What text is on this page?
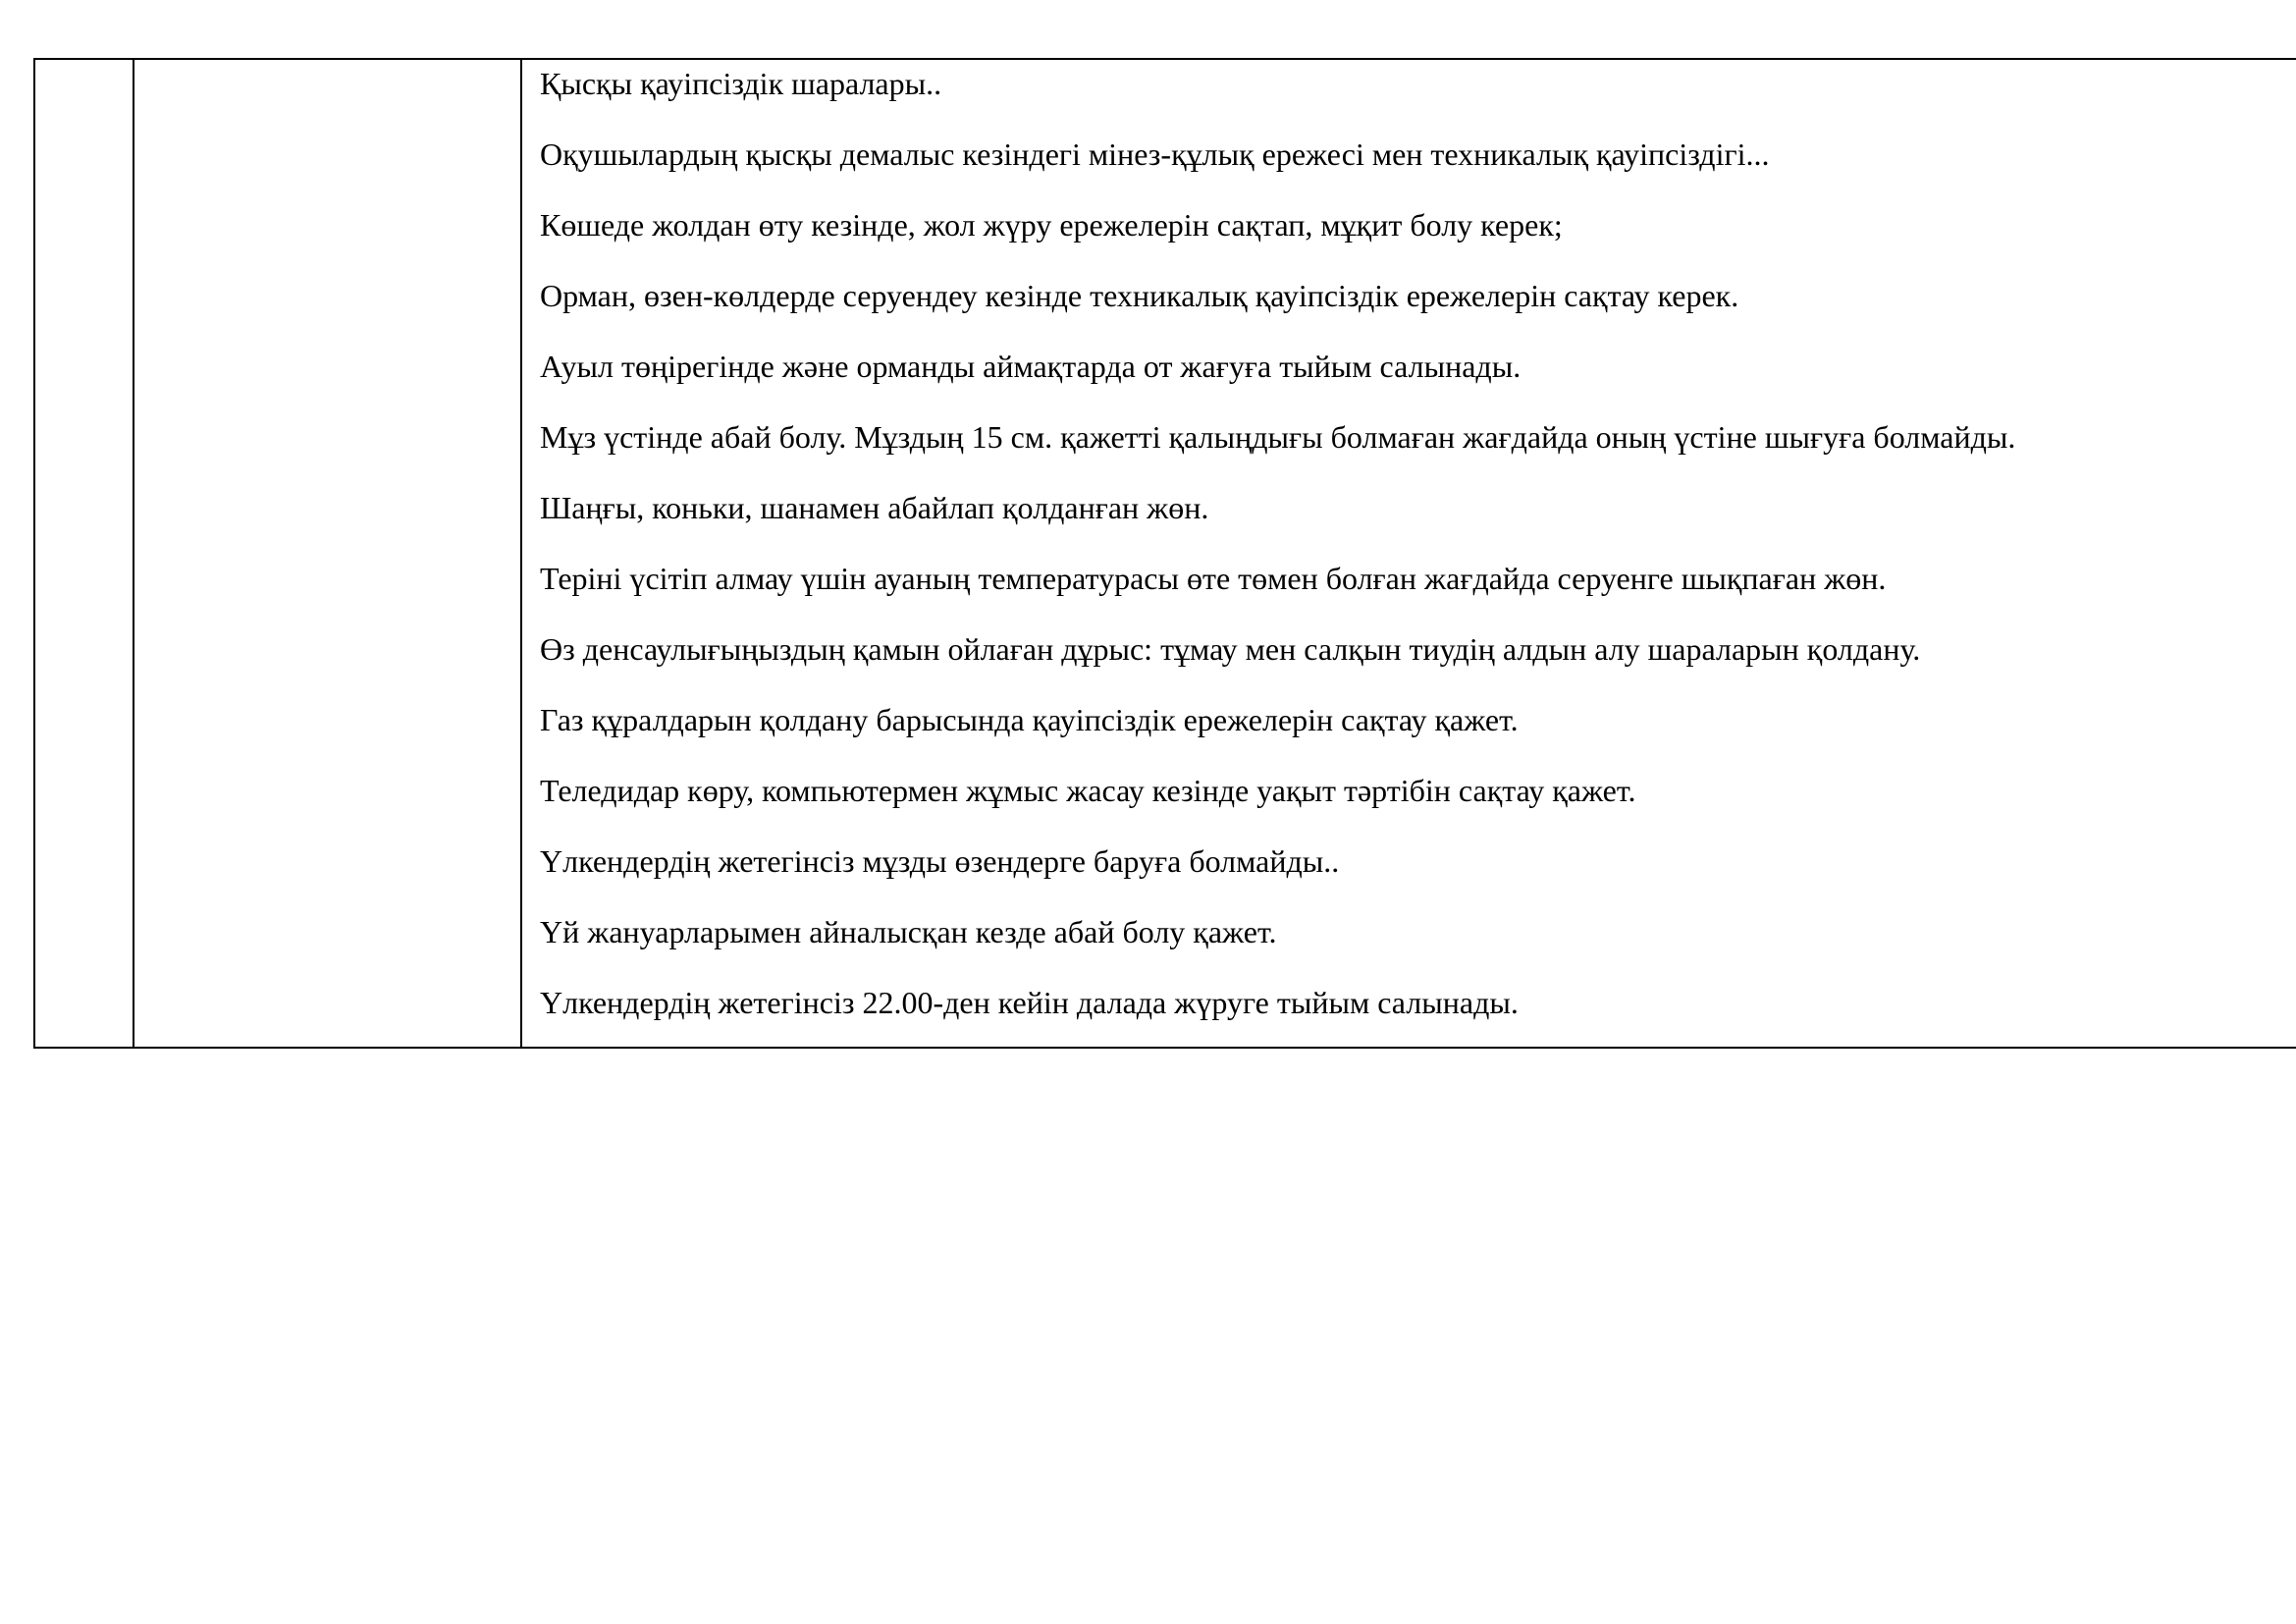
Қысқы қауіпсіздік шаралары..

Оқушылардың қысқы демалыс кезіндегі мінез-құлық ережесі мен техникалық қауіпсіздігі...

Көшеде жолдан өту кезінде, жол жүру ережелерін сақтап, мұқит болу керек;

Орман, өзен-көлдерде серуендеу кезінде техникалық қауіпсіздік ережелерін сақтау керек.

Ауыл төңірегінде және орманды аймақтарда от жағуға тыйым салынады.

Мұз үстінде абай болу. Мұздың 15 см. қажетті қалыңдығы болмаған жағдайда оның үстіне шығуға болмайды.

Шаңғы, коньки, шанамен абайлап қолданған жөн.

Теріні үсітіп алмау үшін ауаның температурасы өте төмен болған жағдайда серуенге шықпаған жөн.

Өз денсаулығыңыздың қамын ойлаған дұрыс: тұмау мен салқын тиудің алдын алу шараларын қолдану.

Газ құралдарын қолдану барысында қауіпсіздік ережелерін сақтау қажет.

Теледидар көру, компьютермен жұмыс жасау кезінде уақыт тәртібін сақтау қажет.

Үлкендердің жетегінсіз мұзды өзендерге баруға болмайды..

Үй жануарларымен айналысқан кезде абай болу қажет.

Үлкендердің жетегінсіз 22.00-ден кейін далада жүруге тыйым салынады.
